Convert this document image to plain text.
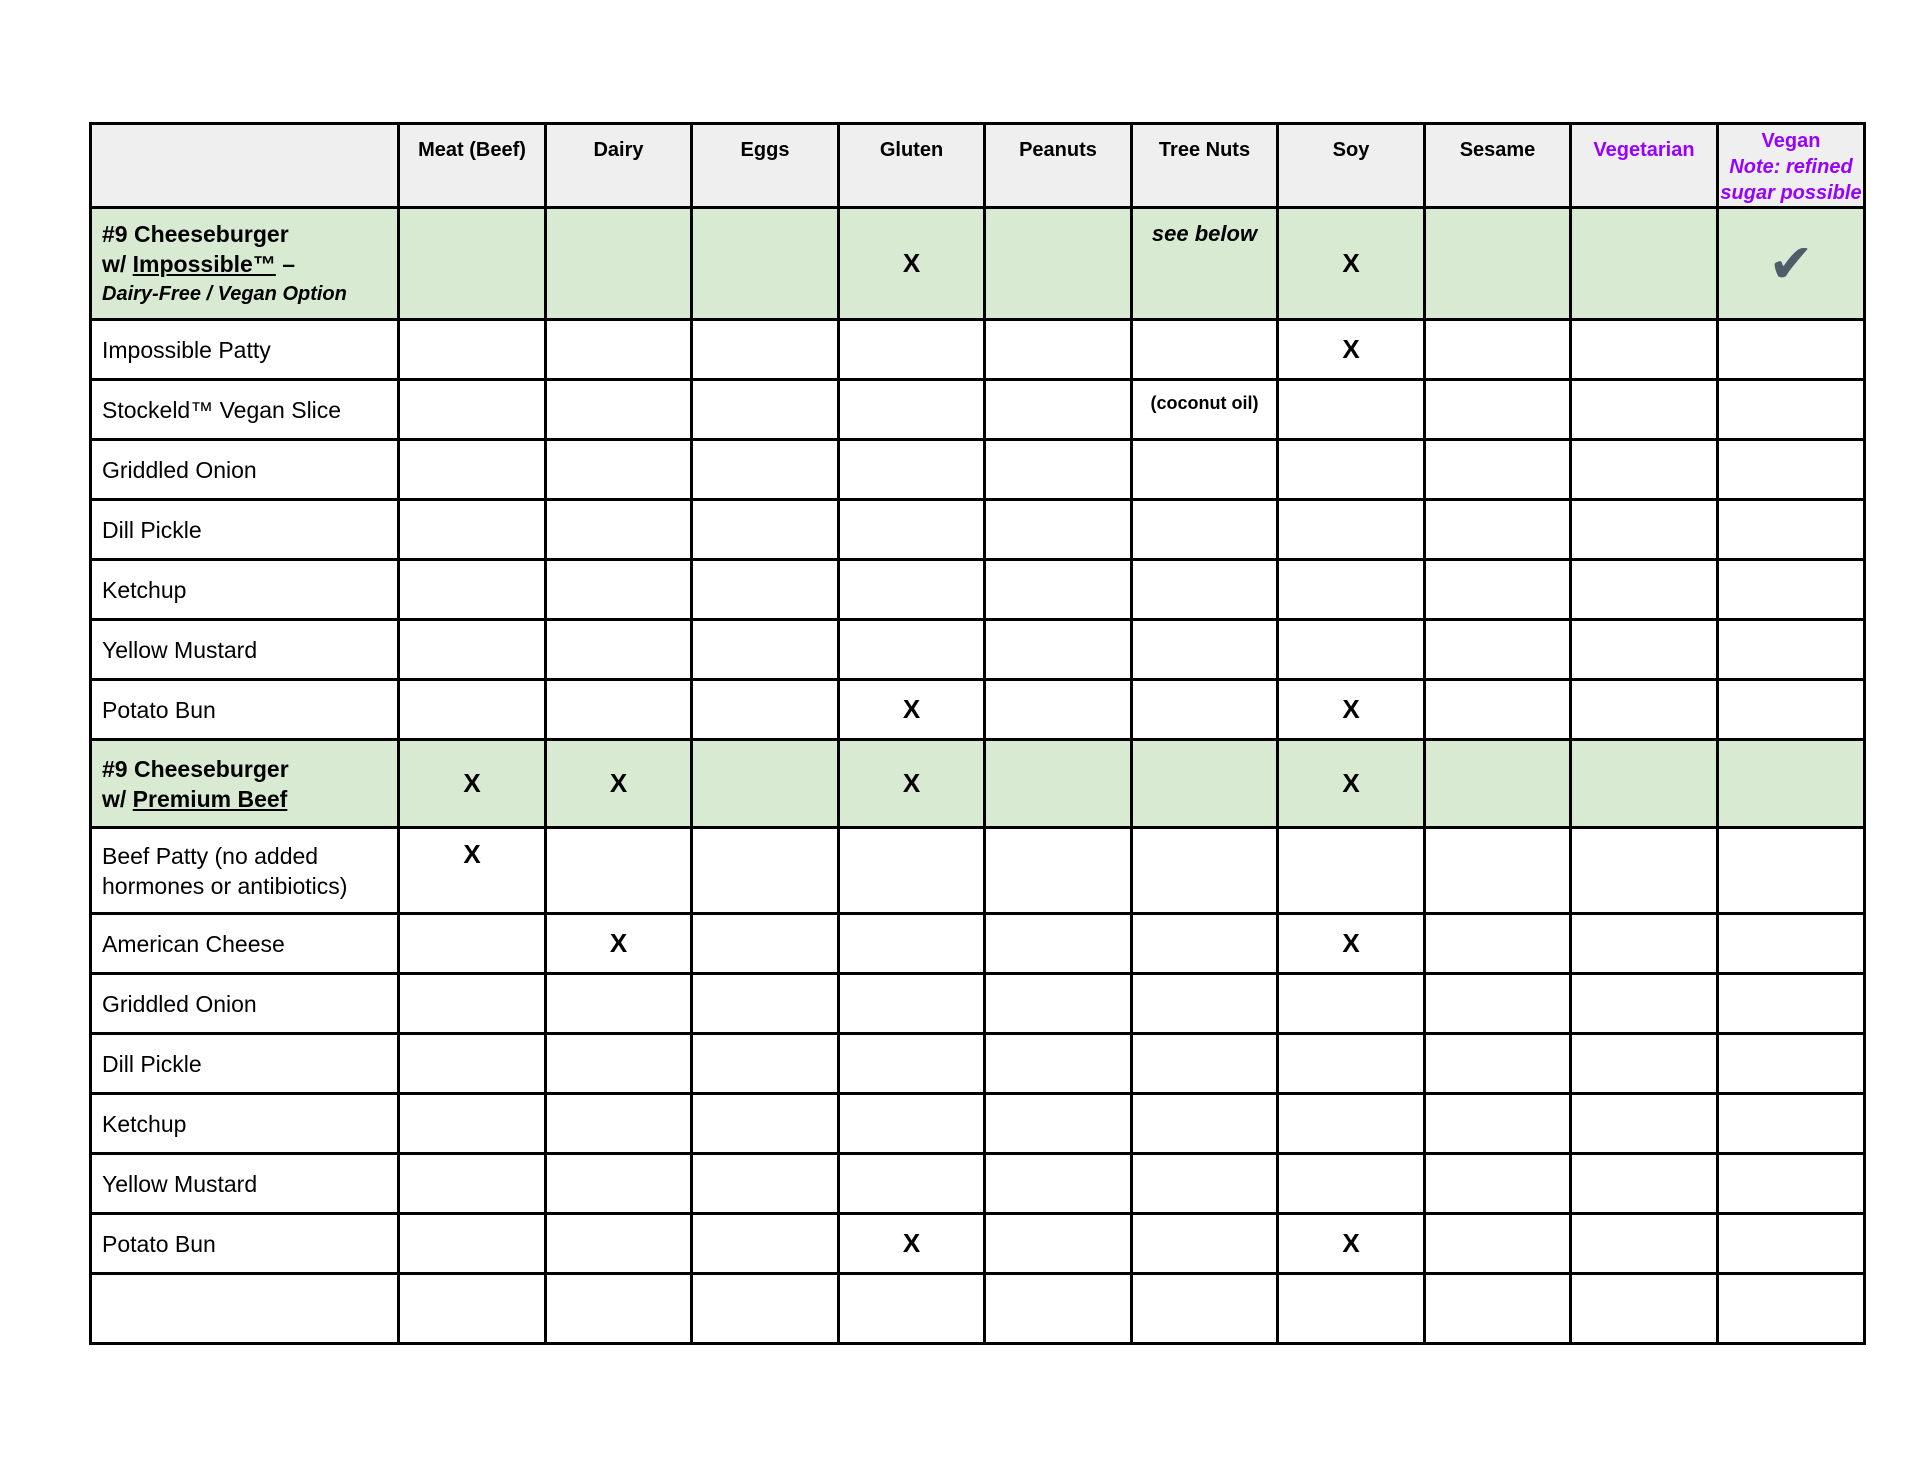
	Meat (Beef)	Dairy	Eggs	Gluten	Peanuts	Tree Nuts	Soy	Sesame	Vegetarian	Vegan
Note: refined sugar possible

#9 Cheeseburger
w/ Impossible™ –
Dairy-Free / Vegan Option				X		see below	X			✔
Impossible Patty							X			
Stockeld™ Vegan Slice						(coconut oil)				
Griddled Onion										
Dill Pickle										
Ketchup										
Yellow Mustard										
Potato Bun				X			X			

#9 Cheeseburger
w/ Premium Beef	X	X		X			X			
Beef Patty (no added hormones or antibiotics)	X									
American Cheese		X					X			
Griddled Onion										
Dill Pickle										
Ketchup										
Yellow Mustard										
Potato Bun				X			X			
